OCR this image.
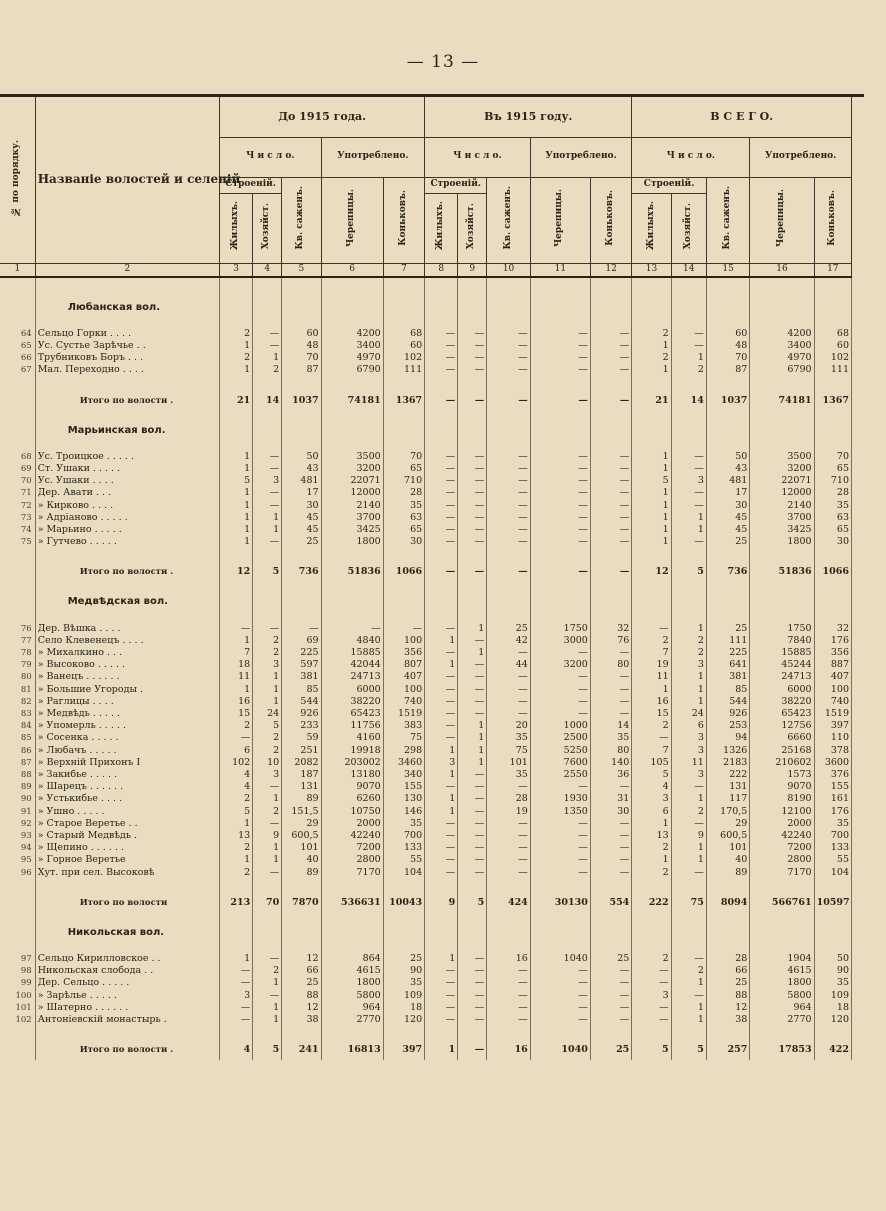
— 13 —
№ по порядку.	Названіе волостей и селеній	До 1915 года.					Въ 1915 году.					В С Е Г О.				
		Ч и с л о.			Употреблено.		Ч и с л о.			Употреблено.		Ч и с л о.			Употреблено.	
		Строеній.		Кв. саженъ.	Черепицы.	Коньковъ.	Строеній.		Кв. саженъ.	Черепицы.	Коньковъ.	Строеній.		Кв. саженъ.	Черепицы.	Коньковъ.
		Жилыхъ.	Хозяйст.				Жилыхъ.	Хозяйст.				Жилыхъ.	Хозяйст.			
1	2	3	4	5	6	7	8	9	10	11	12	13	14	15	16	17

	Любанская вол.															

64	Сельцо Горки . . . .	2	—	60	4200	68	—	—	—	—	—	2	—	60	4200	68
65	Ус. Сустье Зарѣчье . .	1	—	48	3400	60	—	—	—	—	—	1	—	48	3400	60
66	Трубниковъ Боръ . . .	2	1	70	4970	102	—	—	—	—	—	2	1	70	4970	102
67	Мал. Переходно . . . .	1	2	87	6790	111	—	—	—	—	—	1	2	87	6790	111

	Итого по волости .	21	14	1037	74181	1367	—	—	—	—	—	21	14	1037	74181	1367

	Марьинская вол.															

68	Ус. Троицкое . . . . .	1	—	50	3500	70	—	—	—	—	—	1	—	50	3500	70
69	Ст. Ушаки . . . . .	1	—	43	3200	65	—	—	—	—	—	1	—	43	3200	65
70	Ус. Ушаки . . . .	5	3	481	22071	710	—	—	—	—	—	5	3	481	22071	710
71	Дер. Авати . . .	1	—	17	12000	28	—	—	—	—	—	1	—	17	12000	28
72	» Кирково . . . .	1	—	30	2140	35	—	—	—	—	—	1	—	30	2140	35
73	» Адріаново . . . . .	1	1	45	3700	63	—	—	—	—	—	1	1	45	3700	63
74	» Марьино . . . . .	1	1	45	3425	65	—	—	—	—	—	1	1	45	3425	65
75	» Гутчево . . . . .	1	—	25	1800	30	—	—	—	—	—	1	—	25	1800	30

	Итого по волости .	12	5	736	51836	1066	—	—	—	—	—	12	5	736	51836	1066

	Медвѣдская вол.															

76	Дер. Вѣшка . . . .	—	—	—	—	—	—	1	25	1750	32	—	1	25	1750	32
77	Село Клевенецъ . . . .	1	2	69	4840	100	1	—	42	3000	76	2	2	111	7840	176
78	» Михалкино . . .	7	2	225	15885	356	—	1	—	—	—	7	2	225	15885	356
79	» Высоково . . . . .	18	3	597	42044	807	1	—	44	3200	80	19	3	641	45244	887
80	» Ванецъ . . . . . .	11	1	381	24713	407	—	—	—	—	—	11	1	381	24713	407
81	» Большие Угороды .	1	1	85	6000	100	—	—	—	—	—	1	1	85	6000	100
82	» Раглицы . . . .	16	1	544	38220	740	—	—	—	—	—	16	1	544	38220	740
83	» Медвѣдь . . . . .	15	24	926	65423	1519	—	—	—	—	—	15	24	926	65423	1519
84	» Упомерль . . . . .	2	5	233	11756	383	—	1	20	1000	14	2	6	253	12756	397
85	» Сосенка . . . . .	—	2	59	4160	75	—	1	35	2500	35	—	3	94	6660	110
86	» Любачъ . . . . .	6	2	251	19918	298	1	1	75	5250	80	7	3	1326	25168	378
87	» Верхній Прихонъ I	102	10	2082	203002	3460	3	1	101	7600	140	105	11	2183	210602	3600
88	» Закибье . . . . .	4	3	187	13180	340	1	—	35	2550	36	5	3	222	1573	376
89	» Шарецъ . . . . . .	4	—	131	9070	155	—	—	—	—	—	4	—	131	9070	155
90	» Устькибье . . . .	2	1	89	6260	130	1	—	28	1930	31	3	1	117	8190	161
91	» Ушно . . . . .	5	2	151,5	10750	146	1	—	19	1350	30	6	2	170,5	12100	176
92	» Старое Веретье . .	1	—	29	2000	35	—	—	—	—	—	1	—	29	2000	35
93	» Старый Медвѣдь .	13	9	600,5	42240	700	—	—	—	—	—	13	9	600,5	42240	700
94	» Щепино . . . . . .	2	1	101	7200	133	—	—	—	—	—	2	1	101	7200	133
95	» Горное Веретье	1	1	40	2800	55	—	—	—	—	—	1	1	40	2800	55
96	Хут. при сел. Высоковѣ	2	—	89	7170	104	—	—	—	—	—	2	—	89	7170	104

	Итого по волости	213	70	7870	536631	10043	9	5	424	30130	554	222	75	8094	566761	10597

	Никольская вол.															

97	Сельцо Кирилловское . .	1	—	12	864	25	1	—	16	1040	25	2	—	28	1904	50
98	Никольская слобода . .	—	2	66	4615	90	—	—	—	—	—	—	2	66	4615	90
99	Дер. Сельцо . . . . .	—	1	25	1800	35	—	—	—	—	—	—	1	25	1800	35
100	» Зарѣлье . . . . .	3	—	88	5800	109	—	—	—	—	—	3	—	88	5800	109
101	» Шатерно . . . . . .	—	1	12	964	18	—	—	—	—	—	—	1	12	964	18
102	Антоніевскій монастырь .	—	1	38	2770	120	—	—	—	—	—	—	1	38	2770	120

	Итого по волости .	4	5	241	16813	397	1	—	16	1040	25	5	5	257	17853	422
